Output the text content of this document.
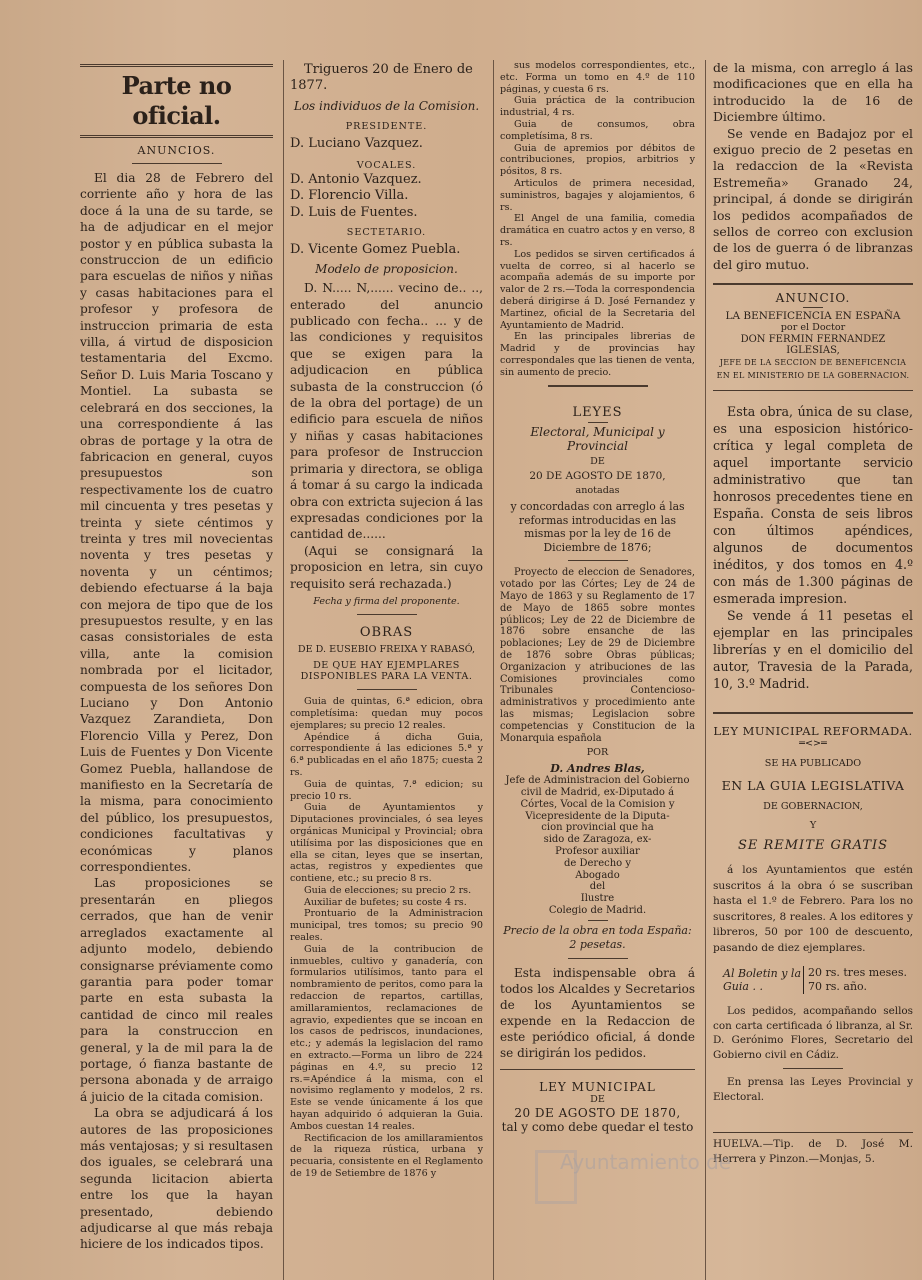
Parte no oficial.
ANUNCIOS.

El dia 28 de Febrero del corriente año y hora de las doce á la una de su tarde, se ha de adjudicar en el mejor postor y en pública subasta la construccion de un edificio para escuelas de niños y niñas y casas habitaciones para el profesor y profesora de instruccion primaria de esta villa, á virtud de disposicion testamentaria del Excmo. Señor D. Luis Maria Toscano y Montiel. La subasta se celebrará en dos secciones, la una correspondiente á las obras de portage y la otra de fabricacion en general, cuyos presupuestos son respectivamente los de cuatro mil cincuenta y tres pesetas y treinta y siete céntimos y treinta y tres mil novecientas noventa y tres pesetas y noventa y un céntimos; debiendo efectuarse á la baja con mejora de tipo que de los presupuestos resulte, y en las casas consistoriales de esta villa, ante la comision nombrada por el licitador, compuesta de los señores Don Luciano y Don Antonio Vazquez Zarandieta, Don Florencio Villa y Perez, Don Luis de Fuentes y Don Vicente Gomez Puebla, hallandose de manifiesto en la Secretaría de la misma, para conocimiento del público, los presupuestos, condiciones facultativas y económicas y planos correspondientes.

Las proposiciones se presentarán en pliegos cerrados, que han de venir arreglados exactamente al adjunto modelo, debiendo consignarse préviamente como garantia para poder tomar parte en esta subasta la cantidad de cinco mil reales para la construccion en general, y la de mil para la de portage, ó fianza bastante de persona abonada y de arraigo á juicio de la citada comision.

La obra se adjudicará á los autores de las proposiciones más ventajosas; y si resultasen dos iguales, se celebrará una segunda licitacion abierta entre los que la hayan presentado, debiendo adjudicarse al que más rebaja hiciere de los indicados tipos.

Trigueros 20 de Enero de 1877.

Los individuos de la Comision.

PRESIDENTE.

D. Luciano Vazquez.

VOCALES.

D. Antonio Vazquez.

D. Florencio Villa.

D. Luis de Fuentes.

SECTETARIO.

D. Vicente Gomez Puebla.

Modelo de proposicion.

D. N..... N,...... vecino de.. .., enterado del anuncio publicado con fecha.. ... y de las condiciones y requisitos que se exigen para la adjudicacion en pública subasta de la construccion (ó de la obra del portage) de un edificio para escuela de niños y niñas y casas habitaciones para profesor de Instruccion primaria y directora, se obliga á tomar á su cargo la indicada obra con extricta sujecion á las expresadas condiciones por la cantidad de......

(Aqui se consignará la proposicion en letra, sin cuyo requisito será rechazada.)

Fecha y firma del proponente.

OBRAS

DE D. EUSEBIO FREIXA Y RABASÓ,

DE QUE HAY EJEMPLARES DISPONIBLES PARA LA VENTA.

Guia de quintas, 6.ª edicion, obra completísima: quedan muy pocos ejemplares; su precio 12 reales.

Apéndice á dicha Guia, correspondiente á las ediciones 5.ª y 6.ª publicadas en el año 1875; cuesta 2 rs.

Guia de quintas, 7.ª edicion; su precio 10 rs.

Guia de Ayuntamientos y Diputaciones provinciales, ó sea leyes orgánicas Municipal y Provincial; obra utilísima por las disposiciones que en ella se citan, leyes que se insertan, actas, registros y expedientes que contiene, etc.; su precio 8 rs.

Guia de elecciones; su precio 2 rs.

Auxiliar de bufetes; su coste 4 rs.

Prontuario de la Administracion municipal, tres tomos; su precio 90 reales.

Guia de la contribucion de inmuebles, cultivo y ganadería, con formularios utilísimos, tanto para el nombramiento de peritos, como para la redaccion de repartos, cartillas, amillaramientos, reclamaciones de agravio, expedientes que se incoan en los casos de pedriscos, inundaciones, etc.; y además la legislacion del ramo en extracto.—Forma un libro de 224 páginas en 4.º, su precio 12 rs.=Apéndice á la misma, con el novisimo reglamento y modelos, 2 rs. Este se vende únicamente á los que hayan adquirido ó adquieran la Guia. Ambos cuestan 14 reales.

Rectificacion de los amillaramientos de la riqueza rústica, urbana y pecuaria, consistente en el Reglamento de 19 de Setiembre de 1876 y

sus modelos correspondientes, etc., etc. Forma un tomo en 4.º de 110 páginas, y cuesta 6 rs.

Guia práctica de la contribucion industrial, 4 rs.

Guia de consumos, obra completísima, 8 rs.

Guia de apremios por débitos de contribuciones, propios, arbitrios y pósitos, 8 rs.

Articulos de primera necesidad, suministros, bagajes y alojamientos, 6 rs.

El Angel de una familia, comedia dramática en cuatro actos y en verso, 8 rs.

Los pedidos se sirven certificados á vuelta de correo, si al hacerlo se acompaña además de su importe por valor de 2 rs.—Toda la correspondencia deberá dirigirse á D. José Fernandez y Martinez, oficial de la Secretaria del Ayuntamiento de Madrid.

En las principales librerias de Madrid y de provincias hay correspondales que las tienen de venta, sin aumento de precio.

LEYES

Electoral, Municipal y Provincial

DE

20 DE AGOSTO DE 1870,

anotadas

y concordadas con arreglo á las reformas introducidas en las mismas por la ley de 16 de Diciembre de 1876;

Proyecto de eleccion de Senadores, votado por las Córtes; Ley de 24 de Mayo de 1863 y su Reglamento de 17 de Mayo de 1865 sobre montes públicos; Ley de 22 de Diciembre de 1876 sobre ensanche de las poblaciones; Ley de 29 de Diciembre de 1876 sobre Obras públicas; Organizacion y atribuciones de las Comisiones provinciales como Tribunales Contencioso-administrativos y procedimiento ante las mismas; Legislacion sobre competencias y Constitucion de la Monarquia española

POR

D. Andres Blas,

Jefe de Administracion del Gobierno

civil de Madrid, ex-Diputado á

Córtes, Vocal de la Comision y

Vicepresidente de la Diputa-

cion provincial que ha

sido de Zaragoza, ex-

Profesor auxiliar

de Derecho y

Abogado

del

Ilustre

Colegio de Madrid.

Precio de la obra en toda España: 2 pesetas.

Esta indispensable obra á todos los Alcaldes y Secretarios de los Ayuntamientos se expende en la Redaccion de este periódico oficial, á donde se dirigirán los pedidos.

LEY MUNICIPAL

DE

20 DE AGOSTO DE 1870,

tal y como debe quedar el testo

de la misma, con arreglo á las modificaciones que en ella ha introducido la de 16 de Diciembre último.

Se vende en Badajoz por el exiguo precio de 2 pesetas en la redaccion de la «Revista Estremeña» Granado 24, principal, á donde se dirigirán los pedidos acompañados de sellos de correo con exclusion de los de guerra ó de libranzas del giro mutuo.

ANUNCIO.

LA BENEFICENCIA EN ESPAÑA

por el Doctor

DON FERMIN FERNANDEZ IGLESIAS,

JEFE DE LA SECCION DE BENEFICENCIA EN EL MINISTERIO DE LA GOBERNACION.

Esta obra, única de su clase, es una esposicion histórico-crítica y legal completa de aquel importante servicio administrativo que tan honrosos precedentes tiene en España. Consta de seis libros con últimos apéndices, algunos de documentos inéditos, y dos tomos en 4.º con más de 1.300 páginas de esmerada impresion.

Se vende á 11 pesetas el ejemplar en las principales librerías y en el domicilio del autor, Travesia de la Parada, 10, 3.º Madrid.

LEY MUNICIPAL REFORMADA.

═<>═

SE HA PUBLICADO

EN LA GUIA LEGISLATIVA

DE GOBERNACION,

Y

SE REMITE GRATIS

á los Ayuntamientos que estén suscritos á la obra ó se suscriban hasta el 1.º de Febrero. Para los no suscritores, 8 reales. A los editores y libreros, 50 por 100 de descuento, pasando de diez ejemplares.

Al Boletin y la Guia . .
20 rs. tres meses.
70 rs. año.

Los pedidos, acompañando sellos con carta certificada ó libranza, al Sr. D. Gerónimo Flores, Secretario del Gobierno civil en Cádiz.

En prensa las Leyes Provincial y Electoral.

HUELVA.—Tip. de D. José M. Herrera y Pinzon.—Monjas, 5.

Ayuntamiento de
